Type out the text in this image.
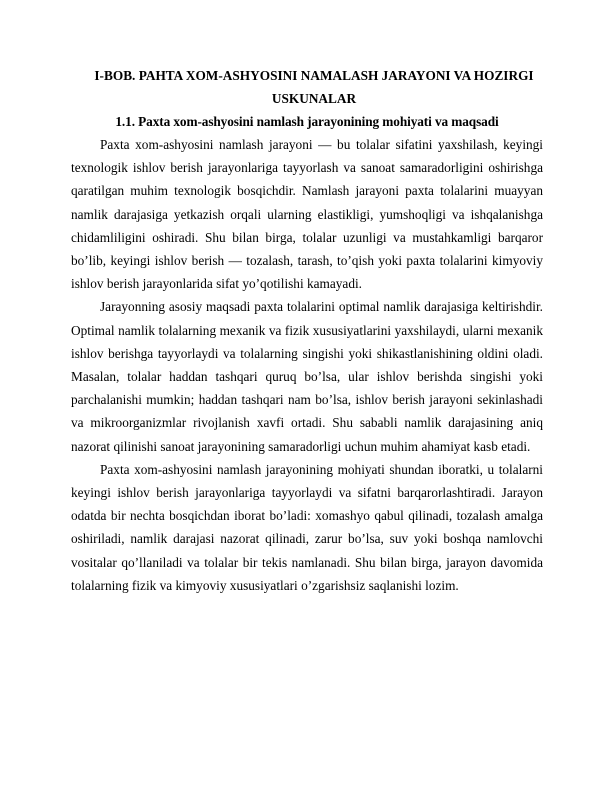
I-BOB. PAHTA XOM-ASHYOSINI NAMALASH JARAYONI VA HOZIRGI USKUNALAR
1.1. Paxta xom-ashyosini namlash jarayonining mohiyati va maqsadi

Paxta xom-ashyosini namlash jarayoni — bu tolalar sifatini yaxshilash, keyingi texnologik ishlov berish jarayonlariga tayyorlash va sanoat samaradorligini oshirishga qaratilgan muhim texnologik bosqichdir. Namlash jarayoni paxta tolalarini muayyan namlik darajasiga yetkazish orqali ularning elastikligi, yumshoqligi va ishqalanishga chidamliligini oshiradi. Shu bilan birga, tolalar uzunligi va mustahkamligi barqaror bo’lib, keyingi ishlov berish — tozalash, tarash, to’qish yoki paxta tolalarini kimyoviy ishlov berish jarayonlarida sifat yo’qotilishi kamayadi.

Jarayonning asosiy maqsadi paxta tolalarini optimal namlik darajasiga keltirishdir. Optimal namlik tolalarning mexanik va fizik xususiyatlarini yaxshilaydi, ularni mexanik ishlov berishga tayyorlaydi va tolalarning singishi yoki shikastlanishining oldini oladi. Masalan, tolalar haddan tashqari quruq bo’lsa, ular ishlov berishda singishi yoki parchalanishi mumkin; haddan tashqari nam bo’lsa, ishlov berish jarayoni sekinlashadi va mikroorganizmlar rivojlanish xavfi ortadi. Shu sababli namlik darajasining aniq nazorat qilinishi sanoat jarayonining samaradorligi uchun muhim ahamiyat kasb etadi.

Paxta xom-ashyosini namlash jarayonining mohiyati shundan iboratki, u tolalarni keyingi ishlov berish jarayonlariga tayyorlaydi va sifatni barqarorlashtiradi. Jarayon odatda bir nechta bosqichdan iborat bo’ladi: xomashyo qabul qilinadi, tozalash amalga oshiriladi, namlik darajasi nazorat qilinadi, zarur bo’lsa, suv yoki boshqa namlovchi vositalar qo’llaniladi va tolalar bir tekis namlanadi. Shu bilan birga, jarayon davomida tolalarning fizik va kimyoviy xususiyatlari o’zgarishsiz saqlanishi lozim.
